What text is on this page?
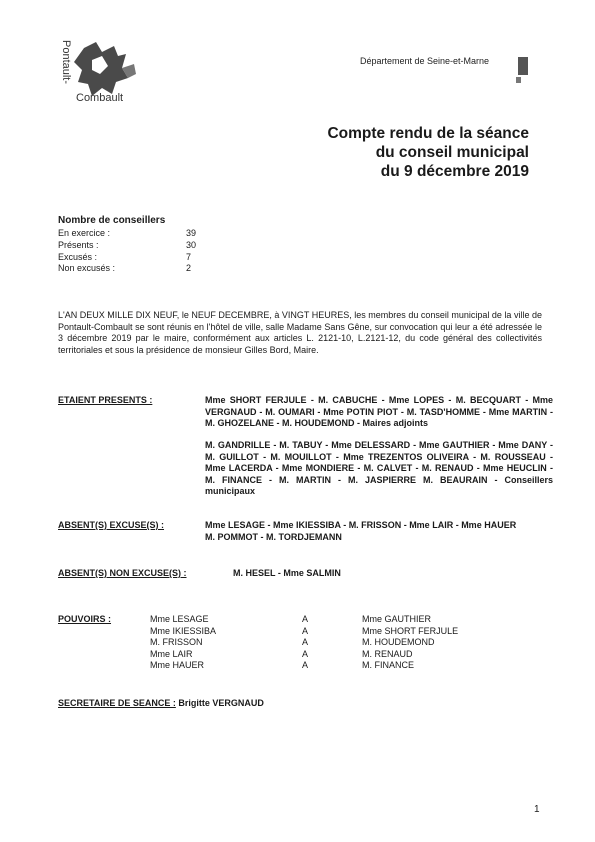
Pontault-
Combault
Département de Seine-et-Marne
Compte rendu de la séance
du conseil municipal
du 9 décembre 2019
Nombre de conseillers
En exercice :	39
Présents :	30
Excusés :	7
Non excusés :	2
L'AN DEUX MILLE DIX NEUF, le NEUF DECEMBRE, à VINGT HEURES, les membres du conseil municipal de la ville de Pontault-Combault se sont réunis en l'hôtel de ville, salle Madame Sans Gêne, sur convocation qui leur a été adressée le 3 décembre 2019 par le maire, conformément aux articles L. 2121-10, L.2121-12, du code général des collectivités territoriales et sous la présidence de monsieur Gilles Bord, Maire.
ETAIENT PRESENTS :	Mme SHORT FERJULE - M. CABUCHE - Mme LOPES - M. BECQUART - Mme VERGNAUD - M. OUMARI - Mme POTIN PIOT - M. TASD'HOMME - Mme MARTIN - M. GHOZELANE - M. HOUDEMOND - Maires adjoints
M. GANDRILLE - M. TABUY - Mme DELESSARD - Mme GAUTHIER - Mme DANY - M. GUILLOT - M. MOUILLOT - Mme TREZENTOS OLIVEIRA - M. ROUSSEAU - Mme LACERDA - Mme MONDIERE - M. CALVET - M. RENAUD - Mme HEUCLIN - M. FINANCE - M. MARTIN - M. JASPIERRE M. BEAURAIN - Conseillers municipaux
ABSENT(S) EXCUSE(S) :	Mme LESAGE - Mme IKIESSIBA - M. FRISSON - Mme LAIR - Mme HAUER
M. POMMOT - M. TORDJEMANN
ABSENT(S) NON EXCUSE(S) :	M. HESEL - Mme SALMIN
POUVOIRS :	Mme LESAGE	A	Mme GAUTHIER
Mme IKIESSIBA	A	Mme SHORT FERJULE
M. FRISSON	A	M. HOUDEMOND
Mme LAIR	A	M. RENAUD
Mme HAUER	A	M. FINANCE
SECRETAIRE DE SEANCE : Brigitte VERGNAUD
1
